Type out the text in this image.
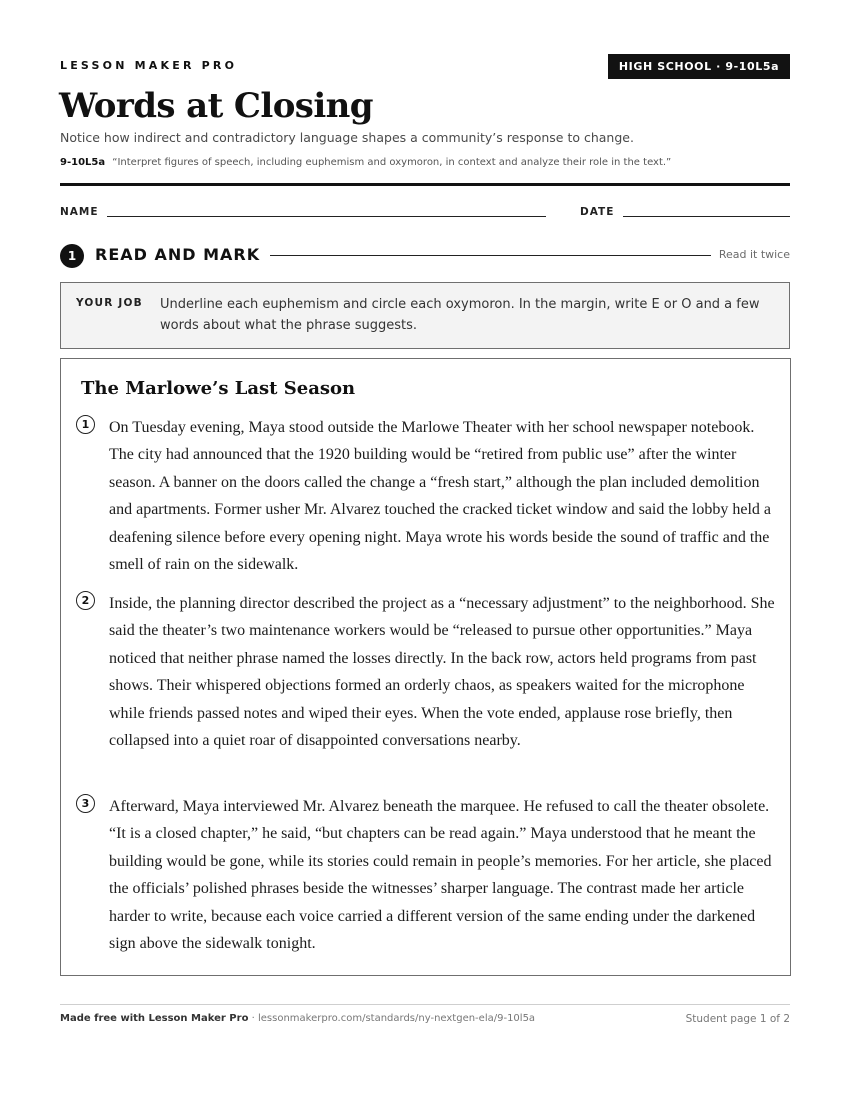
LESSON MAKER PRO	HIGH SCHOOL · 9-10L5a
Words at Closing
Notice how indirect and contradictory language shapes a community’s response to change.
9-10L5a “Interpret figures of speech, including euphemism and oxymoron, in context and analyze their role in the text.”
NAME	DATE
1	READ AND MARK	Read it twice
YOUR JOB Underline each euphemism and circle each oxymoron. In the margin, write E or O and a few words about what the phrase suggests.
The Marlowe’s Last Season
1	On Tuesday evening, Maya stood outside the Marlowe Theater with her school newspaper notebook. The city had announced that the 1920 building would be “retired from public use” after the winter season. A banner on the doors called the change a “fresh start,” although the plan included demolition and apartments. Former usher Mr. Alvarez touched the cracked ticket window and said the lobby held a deafening silence before every opening night. Maya wrote his words beside the sound of traffic and the smell of rain on the sidewalk.
2	Inside, the planning director described the project as a “necessary adjustment” to the neighborhood. She said the theater’s two maintenance workers would be “released to pursue other opportunities.” Maya noticed that neither phrase named the losses directly. In the back row, actors held programs from past shows. Their whispered objections formed an orderly chaos, as speakers waited for the microphone while friends passed notes and wiped their eyes. When the vote ended, applause rose briefly, then collapsed into a quiet roar of disappointed conversations nearby.
3	Afterward, Maya interviewed Mr. Alvarez beneath the marquee. He refused to call the theater obsolete. “It is a closed chapter,” he said, “but chapters can be read again.” Maya understood that he meant the building would be gone, while its stories could remain in people’s memories. For her article, she placed the officials’ polished phrases beside the witnesses’ sharper language. The contrast made her article harder to write, because each voice carried a different version of the same ending under the darkened sign above the sidewalk tonight.
Made free with Lesson Maker Pro · lessonmakerpro.com/standards/ny-nextgen-ela/9-10l5a	Student page 1 of 2
